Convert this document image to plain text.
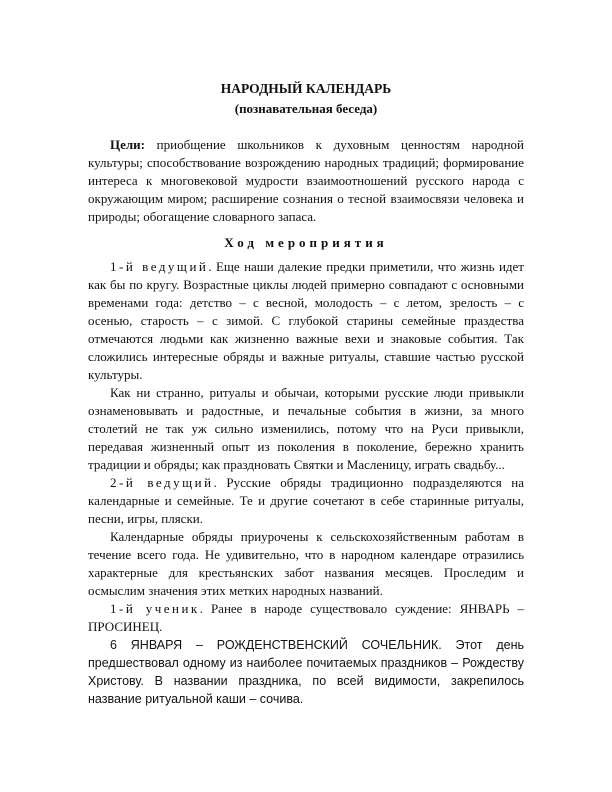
НАРОДНЫЙ КАЛЕНДАРЬ

(познавательная беседа)

Цели: приобщение школьников к духовным ценностям народной культуры; способствование возрождению народных традиций; формирование интереса к многовековой мудрости взаимоотношений русского народа с окружающим миром; расширение сознания о тесной взаимосвязи человека и природы; обогащение словарного запаса.

Ход мероприятия

1-й ведущий. Еще наши далекие предки приметили, что жизнь идет как бы по кругу. Возрастные циклы людей примерно совпадают с основными временами года: детство – с весной, молодость – с летом, зрелость – с осенью, старость – с зимой. С глубокой старины семейные праздества отмечаются людьми как жизненно важные вехи и знаковые события. Так сложились интересные обряды и важные ритуалы, ставшие частью русской культуры.

Как ни странно, ритуалы и обычаи, которыми русские люди привыкли ознаменовывать и радостные, и печальные события в жизни, за много столетий не так уж сильно изменились, потому что на Руси привыкли, передавая жизненный опыт из поколения в поколение, бережно хранить традиции и обряды; как праздновать Святки и Масленицу, играть свадьбу...

2-й ведущий. Русские обряды традиционно подразделяются на календарные и семейные. Те и другие сочетают в себе старинные ритуалы, песни, игры, пляски.

Календарные обряды приурочены к сельскохозяйственным работам в течение всего года. Не удивительно, что в народном календаре отразились характерные для крестьянских забот названия месяцев. Проследим и осмыслим значения этих метких народных названий.

1-й ученик. Ранее в народе существовало суждение: ЯНВАРЬ – ПРОСИНЕЦ.

6 ЯНВАРЯ – РОЖДЕНСТВЕНСКИЙ СОЧЕЛЬНИК. Этот день предшествовал одному из наиболее почитаемых праздников – Рождеству Христову. В названии праздника, по всей видимости, закрепилось название ритуальной каши – сочива.
